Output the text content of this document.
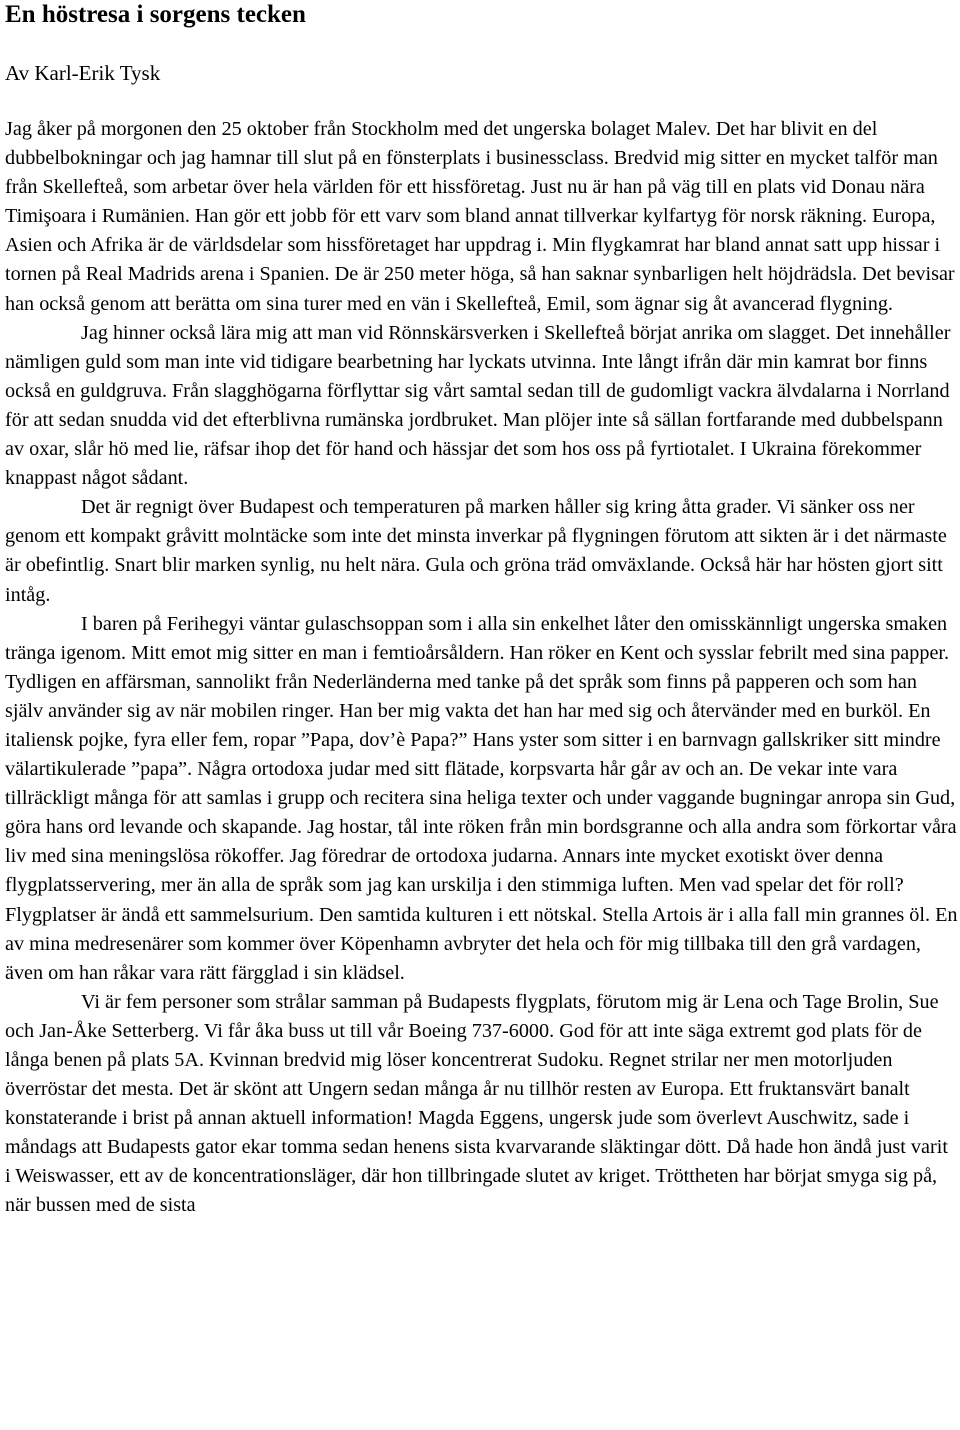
En höstresa i sorgens tecken

Av Karl-Erik Tysk

Jag åker på morgonen den 25 oktober från Stockholm med det ungerska bolaget Malev. Det har blivit en del dubbelbokningar och jag hamnar till slut på en fönsterplats i businessclass. Bredvid mig sitter en mycket talför man från Skellefteå, som arbetar över hela världen för ett hissföretag. Just nu är han på väg till en plats vid Donau nära Timişoara i Rumänien. Han gör ett jobb för ett varv som bland annat tillverkar kylfartyg för norsk räkning. Europa, Asien och Afrika är de världsdelar som hissföretaget har uppdrag i. Min flygkamrat har bland annat satt upp hissar i tornen på Real Madrids arena i Spanien. De är 250 meter höga, så han saknar synbarligen helt höjdrädsla. Det bevisar han också genom att berätta om sina turer med en vän i Skellefteå, Emil, som ägnar sig åt avancerad flygning.

Jag hinner också lära mig att man vid Rönnskärsverken i Skellefteå börjat anrika om slagget. Det innehåller nämligen guld som man inte vid tidigare bearbetning har lyckats utvinna. Inte långt ifrån där min kamrat bor finns också en guldgruva. Från slagghögarna förflyttar sig vårt samtal sedan till de gudomligt vackra älvdalarna i Norrland för att sedan snudda vid det efterblivna rumänska jordbruket. Man plöjer inte så sällan fortfarande med dubbelspann av oxar, slår hö med lie, räfsar ihop det för hand och hässjar det som hos oss på fyrtiotalet. I Ukraina förekommer knappast något sådant.

Det är regnigt över Budapest och temperaturen på marken håller sig kring åtta grader. Vi sänker oss ner genom ett kompakt gråvitt molntäcke som inte det minsta inverkar på flygningen förutom att sikten är i det närmaste är obefintlig. Snart blir marken synlig, nu helt nära. Gula och gröna träd omväxlande. Också här har hösten gjort sitt intåg.

I baren på Ferihegyi väntar gulaschsoppan som i alla sin enkelhet låter den omisskännligt ungerska smaken tränga igenom. Mitt emot mig sitter en man i femtioårsåldern. Han röker en Kent och sysslar febrilt med sina papper. Tydligen en affärsman, sannolikt från Nederländerna med tanke på det språk som finns på papperen och som han själv använder sig av när mobilen ringer. Han ber mig vakta det han har med sig och återvänder med en burköl. En italiensk pojke, fyra eller fem, ropar ”Papa, dov’è Papa?” Hans yster som sitter i en barnvagn gallskriker sitt mindre välartikulerade ”papa”. Några ortodoxa judar med sitt flätade, korpsvarta hår går av och an. De vekar inte vara tillräckligt många för att samlas i grupp och recitera sina heliga texter och under vaggande bugningar anropa sin Gud, göra hans ord levande och skapande. Jag hostar, tål inte röken från min bordsgranne och alla andra som förkortar våra liv med sina meningslösa rökoffer. Jag föredrar de ortodoxa judarna. Annars inte mycket exotiskt över denna flygplatsservering, mer än alla de språk som jag kan urskilja i den stimmiga luften. Men vad spelar det för roll? Flygplatser är ändå ett sammelsurium. Den samtida kulturen i ett nötskal. Stella Artois är i alla fall min grannes öl. En av mina medresenärer som kommer över Köpenhamn avbryter det hela och för mig tillbaka till den grå vardagen, även om han råkar vara rätt färgglad i sin klädsel.

Vi är fem personer som strålar samman på Budapests flygplats, förutom mig är Lena och Tage Brolin, Sue och Jan-Åke Setterberg. Vi får åka buss ut till vår Boeing 737-6000. God för att inte säga extremt god plats för de långa benen på plats 5A. Kvinnan bredvid mig löser koncentrerat Sudoku. Regnet strilar ner men motorljuden överröstar det mesta. Det är skönt att Ungern sedan många år nu tillhör resten av Europa. Ett fruktansvärt banalt konstaterande i brist på annan aktuell information! Magda Eggens, ungersk jude som överlevt Auschwitz, sade i måndags att Budapests gator ekar tomma sedan henens sista kvarvarande släktingar dött. Då hade hon ändå just varit i Weiswasser, ett av de koncentrationsläger, där hon tillbringade slutet av kriget. Tröttheten har börjat smyga sig på, när bussen med de sista
